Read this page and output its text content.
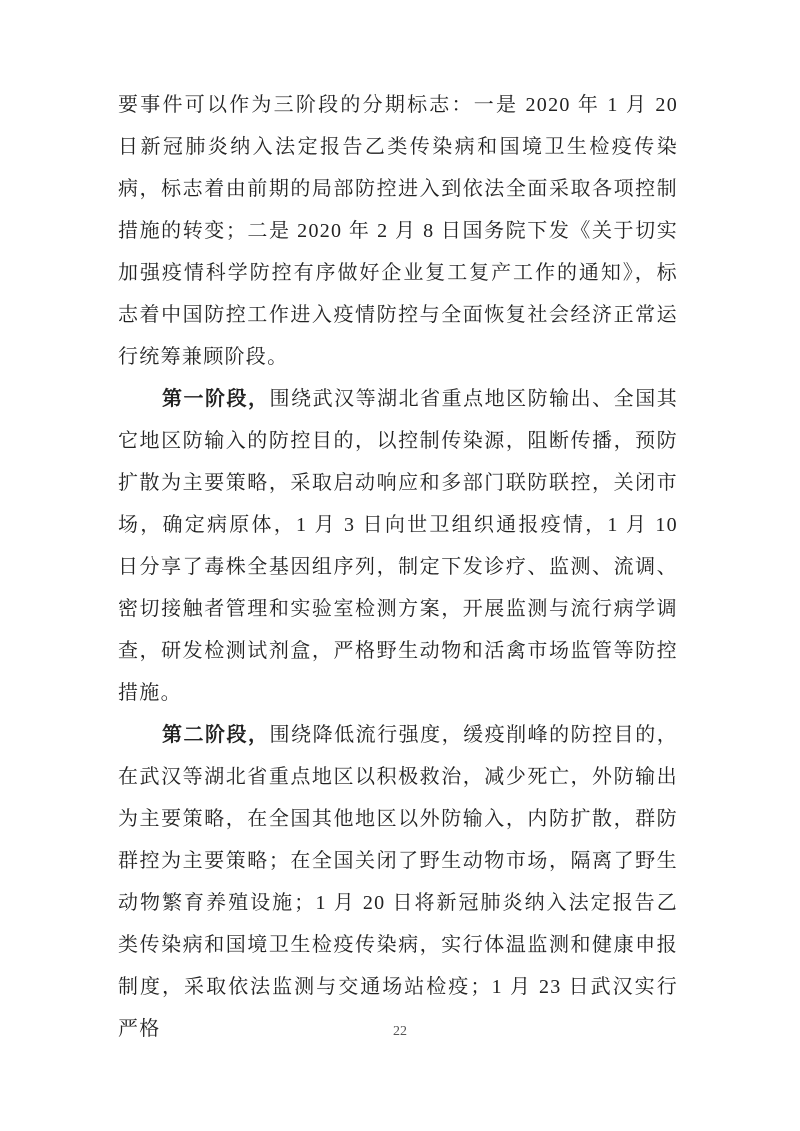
要事件可以作为三阶段的分期标志：一是 2020 年 1 月 20 日新冠肺炎纳入法定报告乙类传染病和国境卫生检疫传染病，标志着由前期的局部防控进入到依法全面采取各项控制措施的转变；二是 2020 年 2 月 8 日国务院下发《关于切实加强疫情科学防控有序做好企业复工复产工作的通知》，标志着中国防控工作进入疫情防控与全面恢复社会经济正常运行统筹兼顾阶段。

第一阶段，围绕武汉等湖北省重点地区防输出、全国其它地区防输入的防控目的，以控制传染源，阻断传播，预防扩散为主要策略，采取启动响应和多部门联防联控，关闭市场，确定病原体，1 月 3 日向世卫组织通报疫情，1 月 10 日分享了毒株全基因组序列，制定下发诊疗、监测、流调、密切接触者管理和实验室检测方案，开展监测与流行病学调查，研发检测试剂盒，严格野生动物和活禽市场监管等防控措施。

第二阶段，围绕降低流行强度，缓疫削峰的防控目的，在武汉等湖北省重点地区以积极救治，减少死亡，外防输出为主要策略，在全国其他地区以外防输入，内防扩散，群防群控为主要策略；在全国关闭了野生动物市场，隔离了野生动物繁育养殖设施；1 月 20 日将新冠肺炎纳入法定报告乙类传染病和国境卫生检疫传染病，实行体温监测和健康申报制度，采取依法监测与交通场站检疫；1 月 23 日武汉实行严格	22
